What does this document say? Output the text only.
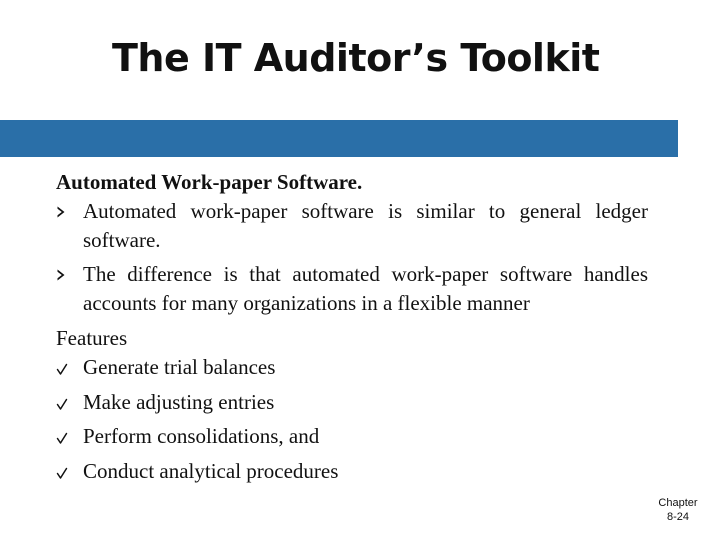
The IT Auditor’s Toolkit

Automated Work-paper Software.

Automated work-paper software is similar to general ledger software.
The difference is that automated work-paper software handles accounts for many organizations in a flexible manner

Features

Generate trial balances
Make adjusting entries
Perform consolidations, and
Conduct analytical procedures
Chapter
8-24
